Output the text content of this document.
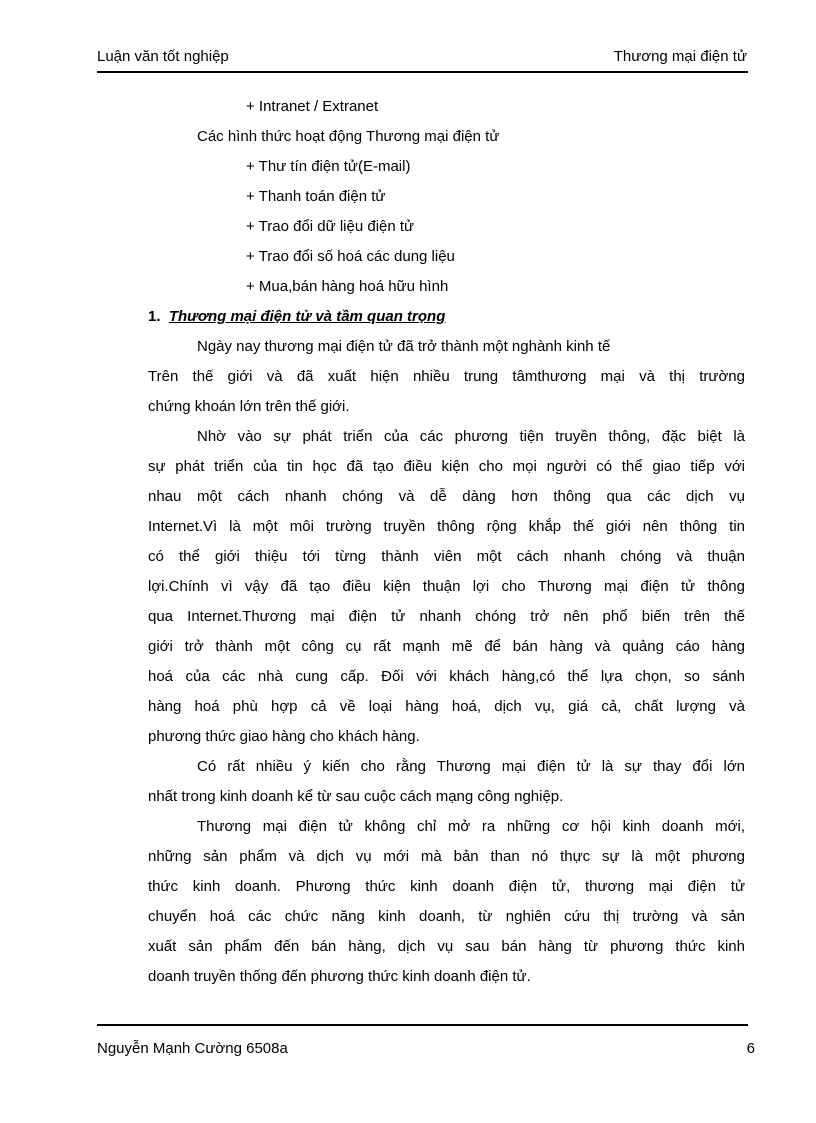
Luận văn tốt nghiệp	Thương mại điện tử
+ Intranet / Extranet
Các hình thức hoạt động Thương mại điện tử
+ Thư tín điện tử(E-mail)
+ Thanh toán điện tử
+ Trao đổi dữ liệu điện tử
+ Trao đổi số hoá các dung liệu
+ Mua,bán hàng hoá hữu hình
1. Thương mại điện tử và tầm quan trọng
Ngày nay thương mại điện tử đã trở thành một nghành kinh tế
Trên thế giới và đã xuất hiện nhiều trung tâmthương mại và thị trường
chứng khoán lớn trên thế giới.
Nhờ vào sự phát triển của các phương tiện truyền thông, đặc biệt là
sự phát triển của tin học đã tạo điều kiện cho mọi người có thể giao tiếp với
nhau một cách nhanh chóng và dễ dàng hơn thông qua các dịch vụ
Internet.Vì là một môi trường truyền thông rộng khắp thế giới nên thông tin
có thể giới thiệu tới từng thành viên một cách nhanh chóng và thuận
lợi.Chính vì vậy đã tạo điều kiện thuận lợi cho Thương mại điện tử thông
qua Internet.Thương mại điện tử nhanh chóng trở nên phổ biến trên thế
giới trở thành một công cụ rất mạnh mẽ để bán hàng và quảng cáo hàng
hoá của các nhà cung cấp. Đối với khách hàng,có thể lựa chọn, so sánh
hàng hoá phù hợp cả về loại hàng hoá, dịch vụ, giá cả, chất lượng và
phương thức giao hàng cho khách hàng.
Có rất nhiều ý kiến cho rằng Thương mại điện tử là sự thay đổi lớn
nhất trong kinh doanh kể từ sau cuộc cách mạng công nghiệp.
Thương mại điện tử không chỉ mở ra những cơ hội kinh doanh mới,
những sản phẩm và dịch vụ mới mà bản than nó thực sự là một phương
thức kinh doanh. Phương thức kinh doanh điện tử, thương mại điện tử
chuyển hoá các chức năng kinh doanh, từ nghiên cứu thị trường và sản
xuất sản phẩm đến bán hàng, dịch vụ sau bán hàng từ phương thức kinh
doanh truyền thống đến phương thức kinh doanh điện tử.
Nguyễn Mạnh Cường 6508a	6
